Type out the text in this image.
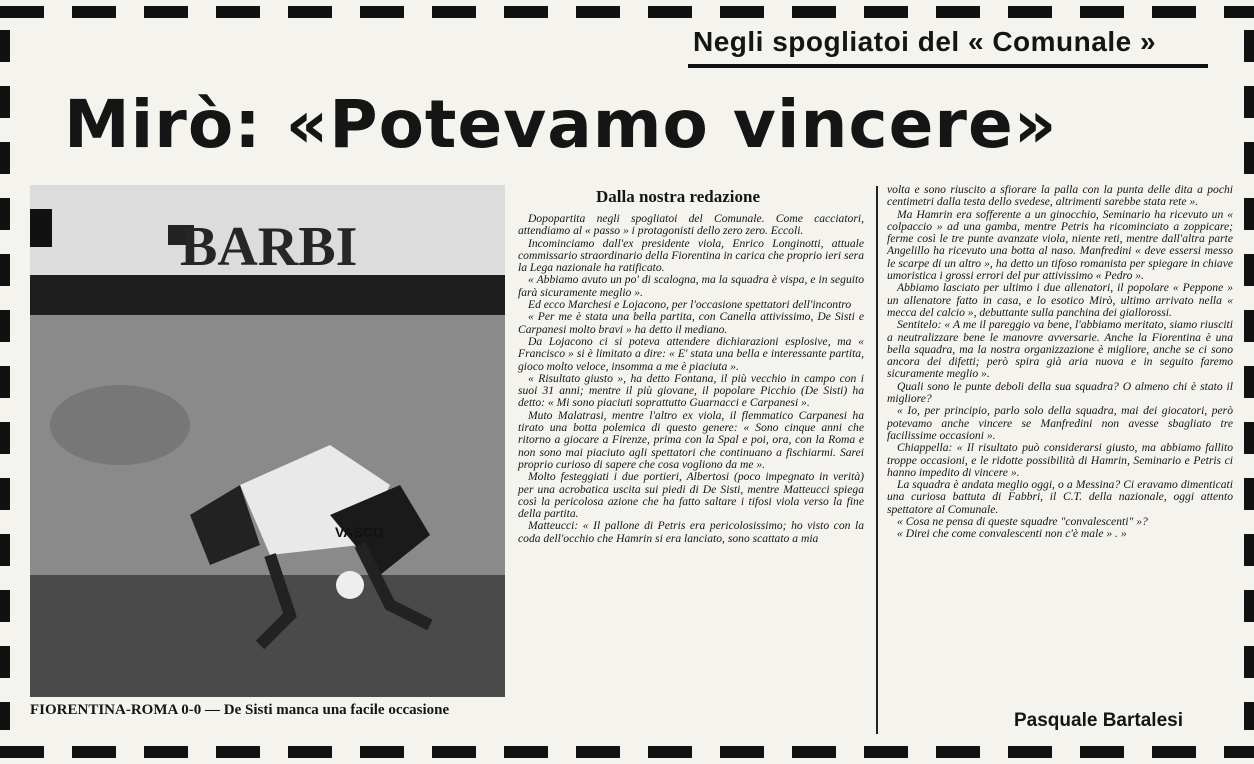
Negli spogliatoi del « Comunale »
Mirò: «Potevamo vincere»
BARBI
VASCO
FIORENTINA-ROMA 0-0 — De Sisti manca una facile occasione
Dalla nostra redazione

Dopopartita negli spogliatoi del Comunale. Come cacciatori, attendiamo al « passo » i protagonisti dello zero zero. Eccoli.

Incominciamo dall'ex presidente viola, Enrico Longinotti, attuale commissario straordinario della Fiorentina in carica che proprio ieri sera la Lega nazionale ha ratificato.

« Abbiamo avuto un po' di scalogna, ma la squadra è vispa, e in seguito farà sicuramente meglio ».

Ed ecco Marchesi e Lojacono, per l'occasione spettatori dell'incontro

« Per me è stata una bella partita, con Canella attivissimo, De Sisti e Carpanesi molto bravi » ha detto il mediano.

Da Lojacono ci si poteva attendere dichiarazioni esplosive, ma « Francisco » si è limitato a dire: « E' stata una bella e interessante partita, gioco molto veloce, insomma a me è piaciuta ».

« Risultato giusto », ha detto Fontana, il più vecchio in campo con i suoi 31 anni; mentre il più giovane, il popolare Picchio (De Sisti) ha detto: « Mi sono piaciuti soprattutto Guarnacci e Carpanesi ».

Muto Malatrasi, mentre l'altro ex viola, il flemmatico Carpanesi ha tirato una botta polemica di questo genere: « Sono cinque anni che ritorno a giocare a Firenze, prima con la Spal e poi, ora, con la Roma e non sono mai piaciuto agli spettatori che continuano a fischiarmi. Sarei proprio curioso di sapere che cosa vogliono da me ».

Molto festeggiati i due portieri, Albertosi (poco impegnato in verità) per una acrobatica uscita sui piedi di De Sisti, mentre Matteucci spiega così la pericolosa azione che ha fatto saltare i tifosi viola verso la fine della partita.

Matteucci: « Il pallone di Petris era pericolosissimo; ho visto con la coda dell'occhio che Hamrin si era lanciato, sono scattato a mia

volta e sono riuscito a sfiorare la palla con la punta delle dita a pochi centimetri dalla testa dello svedese, altrimenti sarebbe stata rete ».

Ma Hamrin era sofferente a un ginocchio, Seminario ha ricevuto un « colpaccio » ad una gamba, mentre Petris ha ricominciato a zoppicare; ferme così le tre punte avanzate viola, niente reti, mentre dall'altra parte Angelillo ha ricevuto una botta al naso. Manfredini « deve essersi messo le scarpe di un altro », ha detto un tifoso romanista per spiegare in chiave umoristica i grossi errori del pur attivissimo « Pedro ».

Abbiamo lasciato per ultimo i due allenatori, il popolare « Peppone » un allenatore fatto in casa, e lo esotico Mirò, ultimo arrivato nella « mecca del calcio », debuttante sulla panchina dei giallorossi.

Sentitelo: « A me il pareggio va bene, l'abbiamo meritato, siamo riusciti a neutralizzare bene le manovre avversarie. Anche la Fiorentina è una bella squadra, ma la nostra organizzazione è migliore, anche se ci sono ancora dei difetti; però spira già aria nuova e in seguito faremo sicuramente meglio ».

Quali sono le punte deboli della sua squadra? O almeno chi è stato il migliore?

« Io, per principio, parlo solo della squadra, mai dei giocatori, però potevamo anche vincere se Manfredini non avesse sbagliato tre facilissime occasioni ».

Chiappella: « Il risultato può considerarsi giusto, ma abbiamo fallito troppe occasioni, e le ridotte possibilità di Hamrin, Seminario e Petris ci hanno impedito di vincere ».

La squadra è andata meglio oggi, o a Messina? Ci eravamo dimenticati una curiosa battuta di Fabbri, il C.T. della nazionale, oggi attento spettatore al Comunale.

« Cosa ne pensa di queste squadre "convalescenti" »?

« Direi che come convalescenti non c'è male » . »

Pasquale Bartalesi
